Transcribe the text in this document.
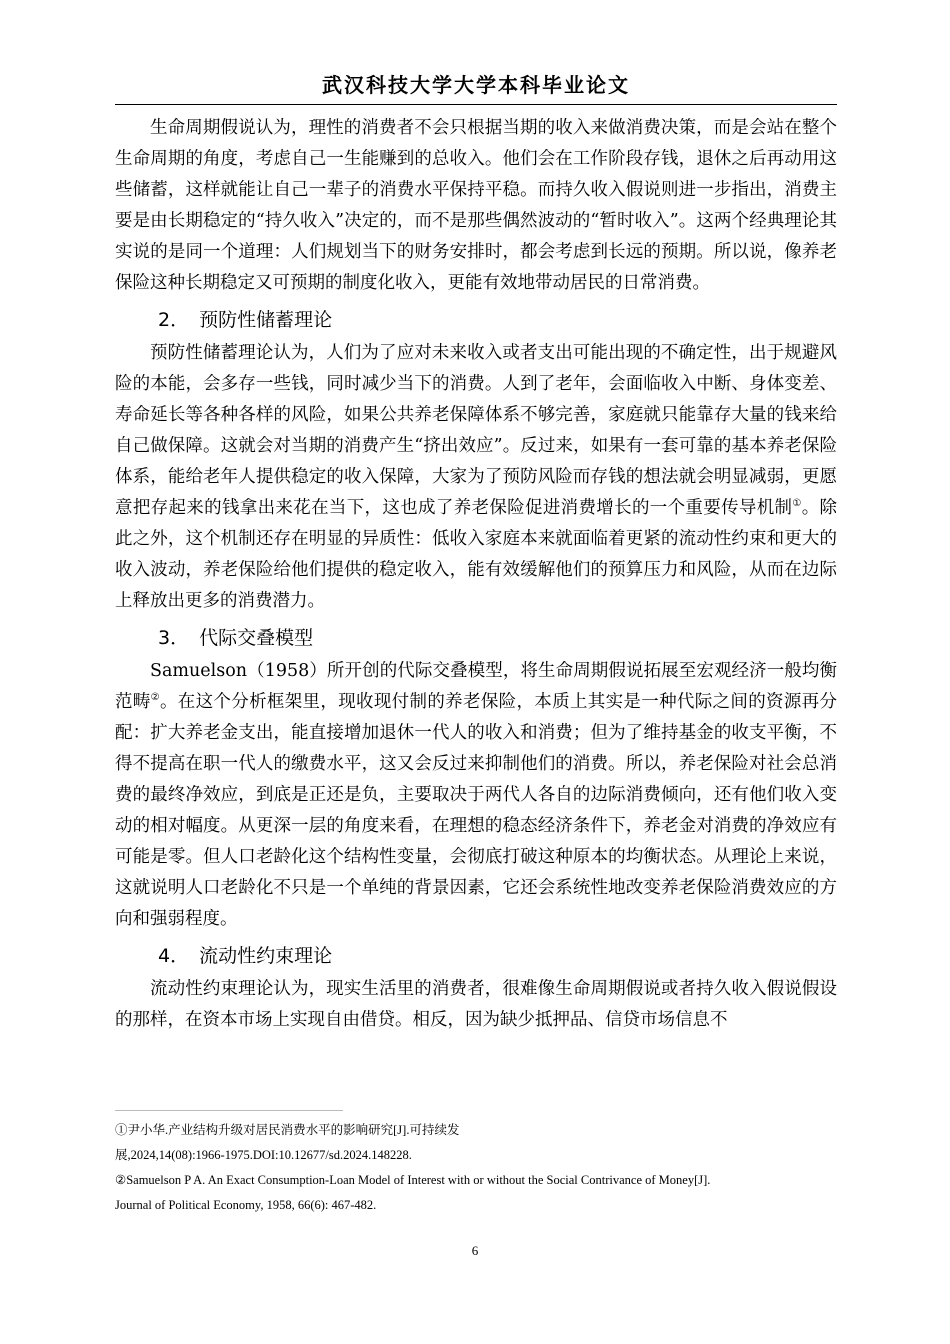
武汉科技大学大学本科毕业论文

生命周期假说认为，理性的消费者不会只根据当期的收入来做消费决策，而是会站在整个生命周期的角度，考虑自己一生能赚到的总收入。他们会在工作阶段存钱，退休之后再动用这些储蓄，这样就能让自己一辈子的消费水平保持平稳。而持久收入假说则进一步指出，消费主要是由长期稳定的“持久收入”决定的，而不是那些偶然波动的“暂时收入”。这两个经典理论其实说的是同一个道理：人们规划当下的财务安排时，都会考虑到长远的预期。所以说，像养老保险这种长期稳定又可预期的制度化收入，更能有效地带动居民的日常消费。

2． 预防性储蓄理论

预防性储蓄理论认为，人们为了应对未来收入或者支出可能出现的不确定性，出于规避风险的本能，会多存一些钱，同时减少当下的消费。人到了老年，会面临收入中断、身体变差、寿命延长等各种各样的风险，如果公共养老保障体系不够完善，家庭就只能靠存大量的钱来给自己做保障。这就会对当期的消费产生“挤出效应”。反过来，如果有一套可靠的基本养老保险体系，能给老年人提供稳定的收入保障，大家为了预防风险而存钱的想法就会明显减弱，更愿意把存起来的钱拿出来花在当下，这也成了养老保险促进消费增长的一个重要传导机制①。除此之外，这个机制还存在明显的异质性：低收入家庭本来就面临着更紧的流动性约束和更大的收入波动，养老保险给他们提供的稳定收入，能有效缓解他们的预算压力和风险，从而在边际上释放出更多的消费潜力。

3． 代际交叠模型

Samuelson（1958）所开创的代际交叠模型，将生命周期假说拓展至宏观经济一般均衡范畴②。在这个分析框架里，现收现付制的养老保险，本质上其实是一种代际之间的资源再分配：扩大养老金支出，能直接增加退休一代人的收入和消费；但为了维持基金的收支平衡，不得不提高在职一代人的缴费水平，这又会反过来抑制他们的消费。所以，养老保险对社会总消费的最终净效应，到底是正还是负，主要取决于两代人各自的边际消费倾向，还有他们收入变动的相对幅度。从更深一层的角度来看，在理想的稳态经济条件下，养老金对消费的净效应有可能是零。但人口老龄化这个结构性变量，会彻底打破这种原本的均衡状态。从理论上来说，这就说明人口老龄化不只是一个单纯的背景因素，它还会系统性地改变养老保险消费效应的方向和强弱程度。

4． 流动性约束理论

流动性约束理论认为，现实生活里的消费者，很难像生命周期假说或者持久收入假说假设的那样，在资本市场上实现自由借贷。相反，因为缺少抵押品、信贷市场信息不

①尹小华.产业结构升级对居民消费水平的影响研究[J].可持续发
展,2024,14(08):1966-1975.DOI:10.12677/sd.2024.148228.
②Samuelson P A. An Exact Consumption-Loan Model of Interest with or without the Social Contrivance of Money[J].
Journal of Political Economy, 1958, 66(6): 467-482.
6
